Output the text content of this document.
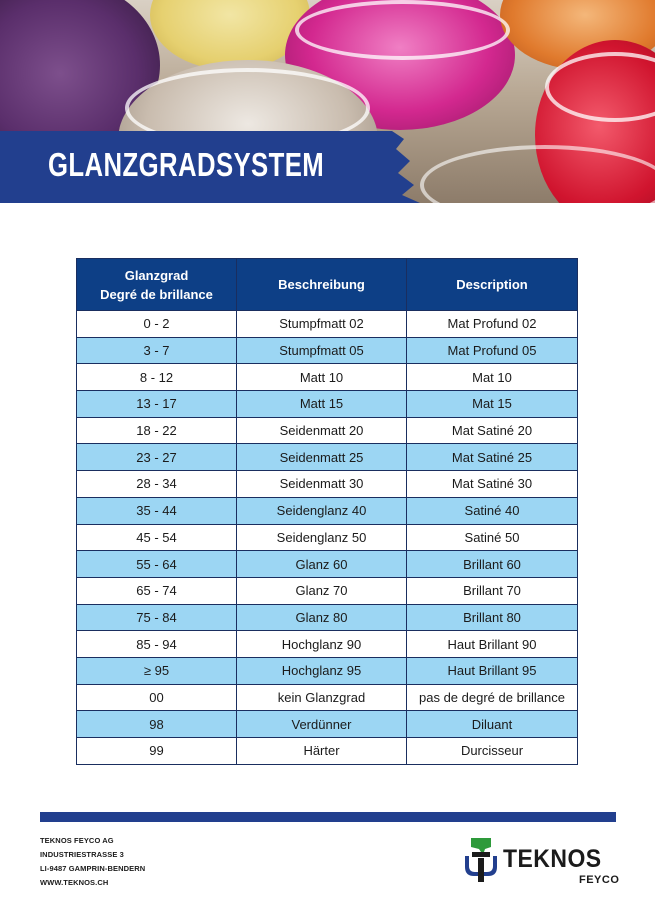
GLANZGRADSYSTEM
Glanzgrad
Degré de brillance	Beschreibung	Description
0 - 2	Stumpfmatt 02	Mat Profund 02
3 - 7	Stumpfmatt 05	Mat Profund 05
8 - 12	Matt 10	Mat 10
13 - 17	Matt 15	Mat 15
18 - 22	Seidenmatt 20	Mat Satiné 20
23 - 27	Seidenmatt 25	Mat Satiné 25
28 - 34	Seidenmatt 30	Mat Satiné 30
35 - 44	Seidenglanz 40	Satiné 40
45 - 54	Seidenglanz 50	Satiné 50
55 - 64	Glanz 60	Brillant 60
65 - 74	Glanz 70	Brillant 70
75 - 84	Glanz 80	Brillant 80
85 - 94	Hochglanz 90	Haut Brillant 90
≥ 95	Hochglanz 95	Haut Brillant 95
00	kein Glanzgrad	pas de degré de brillance
98	Verdünner	Diluant
99	Härter	Durcisseur
TEKNOS FEYCO AG
INDUSTRIESTRASSE 3
LI-9487 GAMPRIN-BENDERN
WWW.TEKNOS.CH
TEKNOS
FEYCO
